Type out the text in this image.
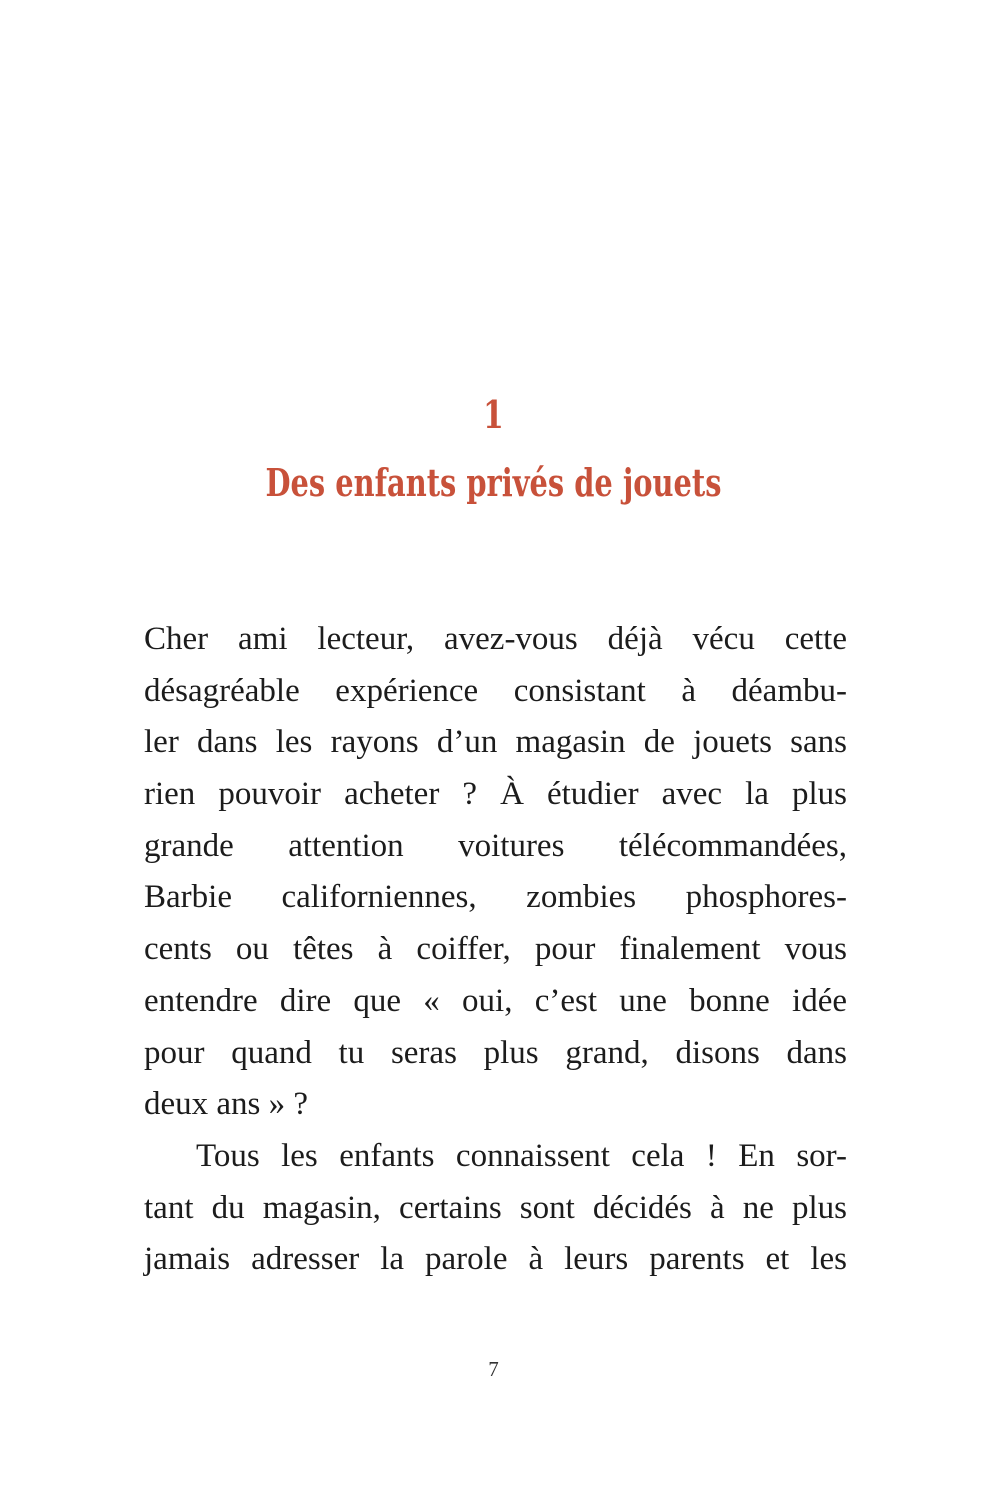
1
Des enfants privés de jouets
Cher ami lecteur, avez-vous déjà vécu cette
désagréable expérience consistant à déambu-
ler dans les rayons d’un magasin de jouets sans
rien pouvoir acheter ? À étudier avec la plus
grande attention voitures télécommandées,
Barbie californiennes, zombies phosphores-
cents ou têtes à coiffer, pour finalement vous
entendre dire que « oui, c’est une bonne idée
pour quand tu seras plus grand, disons dans
deux ans » ?
Tous les enfants connaissent cela ! En sor-
tant du magasin, certains sont décidés à ne plus
jamais adresser la parole à leurs parents et les
7
